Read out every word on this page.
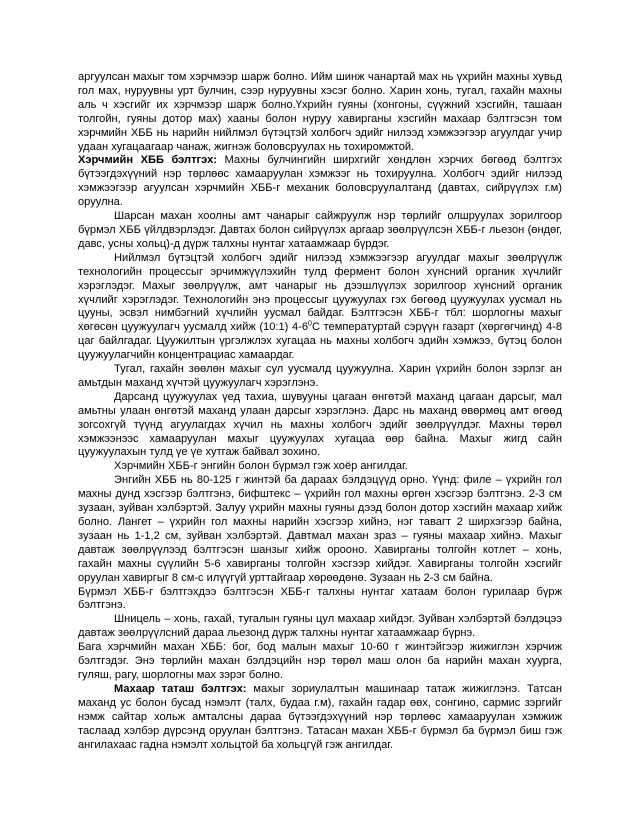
аргуулсан махыг том хэрчмээр шарж болно. Ийм шинж чанартай мах нь үхрийн махны хувьд гол мах, нуруувны урт булчин, сээр нуруувны хэсэг болно. Харин хонь, тугал, гахайн махны аль ч хэсгийг их хэрчмээр шарж болно.Үхрийн гуяны (хонгоны, сүүжний хэсгийн, ташаан толгойн, гуяны дотор мах) хааны болон нуруу хавирганы хэсгийн махаар бэлтгэсэн том хэрчмийн ХББ нь нарийн нийлмэл бүтэцтэй холбогч эдийг нилээд хэмжээгээр агуулдаг учир удаан хугацаагаар чанаж, жигнэж боловсруулах нь тохиромжтой.

Хэрчмийн ХББ бэлтгэх: Махны булчингийн ширхгийг хөндлөн хэрчих бөгөөд бэлтгэх бүтээгдэхүүний нэр төрлөөс хамааруулан хэмжээг нь тохируулна. Холбогч эдийг нилээд хэмжээгээр агуулсан хэрчмийн ХББ-г механик боловсруулалтанд (давтах, сийрүүлэх г.м) оруулна.

Шарсан махан хоолны амт чанарыг сайжруулж нэр төрлийг олшруулах зорилгоор бүрмэл ХББ үйлдвэрлэдэг. Давтах болон сийрүүлэх аргаар зөөлрүүлсэн ХББ-г льезон (өндөг, давс, усны хольц)-д дүрж талхны нунтаг хатаамжаар бүрдэг.

Нийлмэл бүтэцтэй холбогч эдийг нилээд хэмжээгээр агуулдаг махыг зөөлрүүлж технологийн процессыг эрчимжүүлэхийн тулд фермент болон хүнсний органик хүчлийг хэрэглэдэг. Махыг зөөлрүүлж, амт чанарыг нь дээшлүүлэх зорилгоор хүнсний органик хүчлийг хэрэглэдэг. Технологийн энэ процессыг цуужуулах гэх бөгөөд цуужуулах уусмал нь цууны, эсвэл нимбэгний хүчлийн уусмал байдаг. Бэлтгэсэн ХББ-г тбл: шорлогны махыг хөгөсөн цуужуулагч уусмалд хийж (10:1) $4-6^0С$ температуртай сэрүүн газарт (хөргөгчинд) 4-8 цаг байлгадаг. Цуужилтын үргэлжлэх хугацаа нь махны холбогч эдийн хэмжээ, бүтэц болон цуужуулагчийн концентрациас хамаардаг.

Тугал, гахайн зөөлөн махыг сул уусмалд цуужуулна. Харин үхрийн болон зэрлэг ан амьтдын маханд хүчтэй цуужуулагч хэрэглэнэ.

Дарсанд цуужуулах үед тахиа, шувууны цагаан өнгөтэй маханд цагаан дарсыг, мал амьтны улаан өнгөтэй маханд улаан дарсыг хэрэглэнэ. Дарс нь маханд өвөрмөц амт өгөөд зогсохгүй түүнд агуулагдах хүчил нь махны холбогч эдийг зөөлрүүлдэг. Махны төрөл хэмжээнээс хамааруулан махыг цуужуулах хугацаа өөр байна. Махыг жигд сайн цуужуулахын тулд үе үе хутгаж байвал зохино.

Хэрчмийн ХББ-г энгийн болон бүрмэл гэж хоёр ангилдаг.

Энгийн ХББ нь 80-125 г жинтэй ба дараах бэлдэцүүд орно. Үүнд: филе – үхрийн гол махны дунд хэсгээр бэлтгэнэ, бифштекс – үхрийн гол махны өргөн хэсгээр бэлтгэнэ. 2-3 см зузаан, зуйван хэлбэртэй. Залуу үхрийн махны гуяны дээд болон дотор хэсгийн махаар хийж болно. Лангет – үхрийн гол махны нарийн хэсгээр хийнэ, нэг тавагт 2 ширхэгээр байна, зузаан нь 1-1,2 см, зуйван хэлбэртэй. Давтмал махан зраз – гуяны махаар хийнэ. Махыг давтаж зөөлрүүлээд бэлтгэсэн шанзыг хийж ороонo. Хавирганы толгойн котлет – хонь, гахайн махны сүүлийн 5-6 хавирганы толгойн хэсгээр хийдэг. Хавирганы толгойн хэсгийг оруулан хавиргыг 8 см-с илүүгүй урттайгаар хөрөөдөнө. Зузаан нь 2-3 см байна.

Бүрмэл ХББ-г бэлтгэхдээ бэлтгэсэн ХББ-г талхны нунтаг хатаам болон гурилаар бүрж бэлтгэнэ.

Шницель – хонь, гахай, тугалын гуяны цул махаар хийдэг. Зуйван хэлбэртэй бэлдэцээ давтаж зөөлрүүлсний дараа льезонд дүрж талхны нунтаг хатаамжаар бүрнэ.

Бага хэрчмийн махан ХББ: бог, бод малын махыг 10-60 г жинтэйгээр жижиглэн хэрчиж бэлтгэдэг. Энэ төрлийн махан бэлдэцийн нэр төрөл маш олон ба нарийн махан хуурга, гуляш, рагу, шорлогны мах зэрэг болно.

Махаар таташ бэлтгэх: махыг зориулалтын машинаар татаж жижиглэнэ. Татсан маханд ус болон бусад нэмэлт (талх, будаа г.м), гахайн гадар өөх, сонгино, сармис зэргийг нэмж сайтар хольж амталсны дараа бүтээгдэхүүний нэр төрлөөс хамааруулан хэмжиж таслаад хэлбэр дүрсэнд оруулан бэлтгэнэ. Татасан махан ХББ-г бүрмэл ба бүрмэл биш гэж ангилахаас гадна нэмэлт хольцтой ба хольцгүй гэж ангилдаг.
